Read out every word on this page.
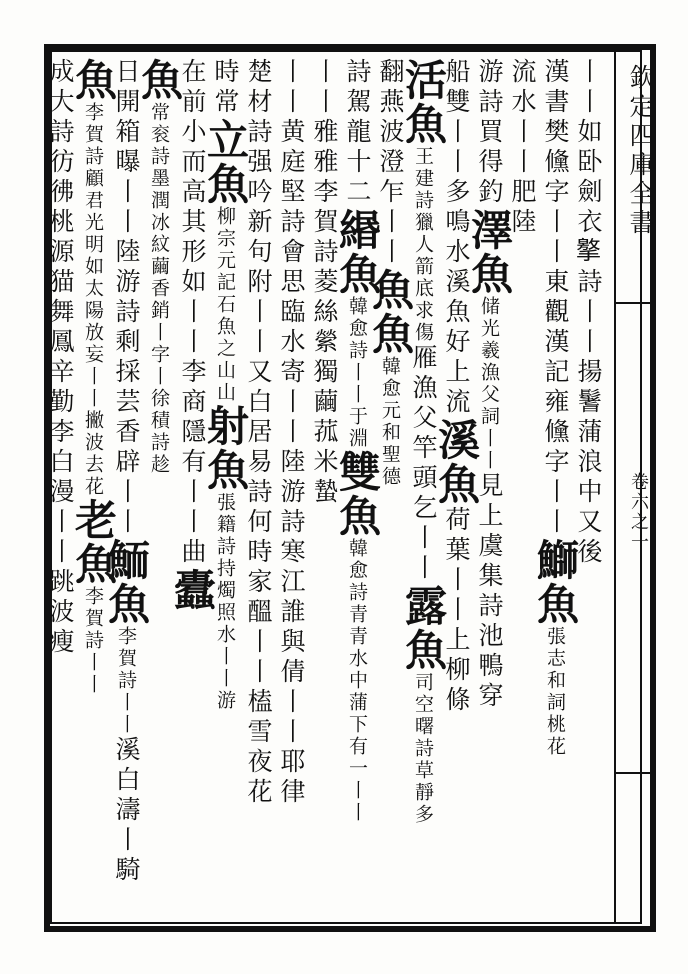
欽定四庫全書
卷六之一
丨丨如卧劍衣𢶡詩丨丨揚鬐蒲浪中又後
漢書樊儵字丨丨東觀漢記雍儵字丨丨鰤魚張志和詞桃花
流水丨丨肥陸
游詩買得釣澤魚储光羲漁父詞丨丨見上虞集詩池鴨穿
船雙丨丨多鳴水溪魚好上流溪魚荷葉丨丨上柳條
活魚王建詩獵人箭底求傷雁漁父竿頭乞丨丨露魚司空曙詩草靜多
翻燕波澄乍丨丨魚魚韓愈元和聖德
詩駕龍十二緡魚韓愈詩丨丨于淵雙魚韓愈詩青青水中蒲下有一丨丨
丨丨雅雅李賀詩菱絲縈獨繭菰米蟄
丨丨黄庭堅詩會思臨水寄丨丨陸游詩寒江誰與倩丨丨耶律
楚材詩强吟新句附丨丨又白居易詩何時家醞丨丨榼雪夜花
時常立魚柳宗元記石魚之山山射魚張籍詩持燭照水丨丨游
在前小而高其形如丨丨李商隱有丨丨曲蠹
魚常衮詩墨潤冰紋繭香銷丨字丨徐積詩趁
日開箱曝丨丨陸游詩剩採芸香辟丨丨鮞魚李賀詩丨丨溪白濤丨騎
魚李賀詩顧君光明如太陽放妄丨丨撇波去花老魚李賀詩丨丨
成大詩彷彿桃源猫舞鳳辛勤李白漫丨丨跳波瘦
